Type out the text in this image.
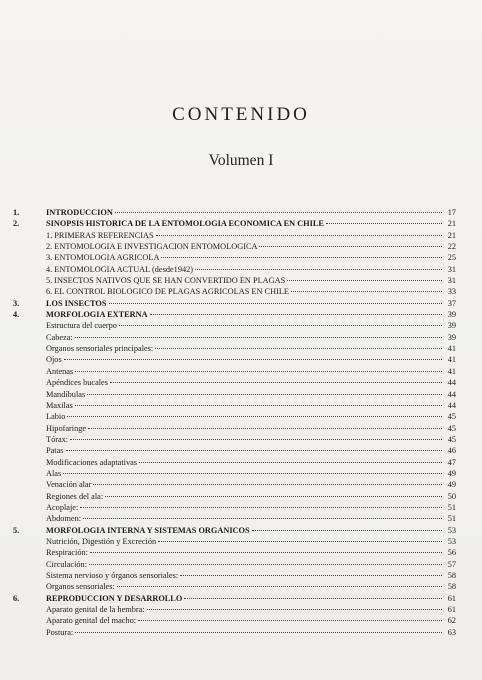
CONTENIDO
Volumen I
1.	INTRODUCCION	17
2.	SINOPSIS HISTORICA DE LA ENTOMOLOGIA ECONOMICA EN CHILE	21
1. PRIMERAS REFERENCIAS	21
2. ENTOMOLOGIA E INVESTIGACION ENTOMOLOGICA	22
3. ENTOMOLOGIA AGRICOLA	25
4. ENTOMOLOGIA ACTUAL (desde1942)	31
5. INSECTOS NATIVOS QUE SE HAN CONVERTIDO EN PLAGAS	31
6. EL CONTROL BIOLOGICO DE PLAGAS AGRICOLAS EN CHILE	33
3.	LOS INSECTOS	37
4.	MORFOLOGIA EXTERNA	39
Estructura del cuerpo	39
Cabeza:	39
Organos sensoriales principales:	41
Ojos	41
Antenas	41
Apéndices bucales	44
Mandíbulas	44
Maxilas	44
Labio	45
Hipofaringe	45
Tórax:	45
Patas	46
Modificaciones adaptativas	47
Alas	49
Venación alar	49
Regiones del ala:	50
Acoplaje:	51
Abdomen:	51
5.	MORFOLOGIA INTERNA Y SISTEMAS ORGANICOS	53
Nutrición, Digestión y Excreción	53
Respiración:	56
Circulación:	57
Sistema nervioso y órganos sensoriales:	58
Organos sensoriales:	58
6.	REPRODUCCION Y DESARROLLO	61
Aparato genital de la hembra:	61
Aparato genital del macho:	62
Postura:	63
